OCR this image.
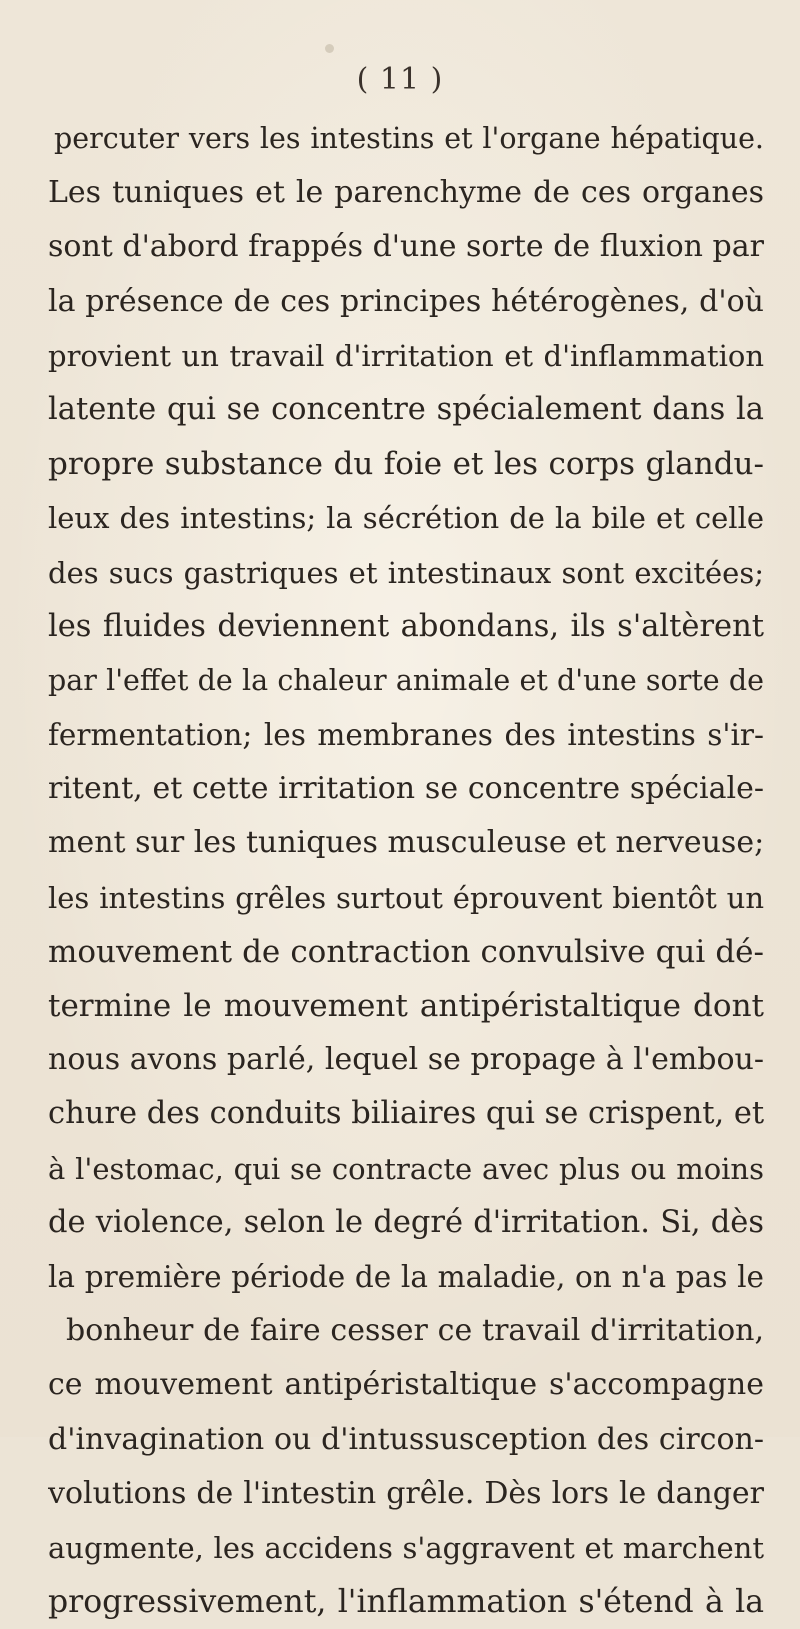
( 11 )
percuter vers les intestins et l'organe hépatique.
Les tuniques et le parenchyme de ces organes
sont d'abord frappés d'une sorte de fluxion par
la présence de ces principes hétérogènes, d'où
provient un travail d'irritation et d'inflammation
latente qui se concentre spécialement dans la
propre substance du foie et les corps glandu-
leux des intestins; la sécrétion de la bile et celle
des sucs gastriques et intestinaux sont excitées;
les fluides deviennent abondans, ils s'altèrent
par l'effet de la chaleur animale et d'une sorte de
fermentation; les membranes des intestins s'ir-
ritent, et cette irritation se concentre spéciale-
ment sur les tuniques musculeuse et nerveuse;
les intestins grêles surtout éprouvent bientôt un
mouvement de contraction convulsive qui dé-
termine le mouvement antipéristaltique dont
nous avons parlé, lequel se propage à l'embou-
chure des conduits biliaires qui se crispent, et
à l'estomac, qui se contracte avec plus ou moins
de violence, selon le degré d'irritation. Si, dès
la première période de la maladie, on n'a pas le
bonheur de faire cesser ce travail d'irritation,
ce mouvement antipéristaltique s'accompagne
d'invagination ou d'intussusception des circon-
volutions de l'intestin grêle. Dès lors le danger
augmente, les accidens s'aggravent et marchent
progressivement, l'inflammation s'étend à la
